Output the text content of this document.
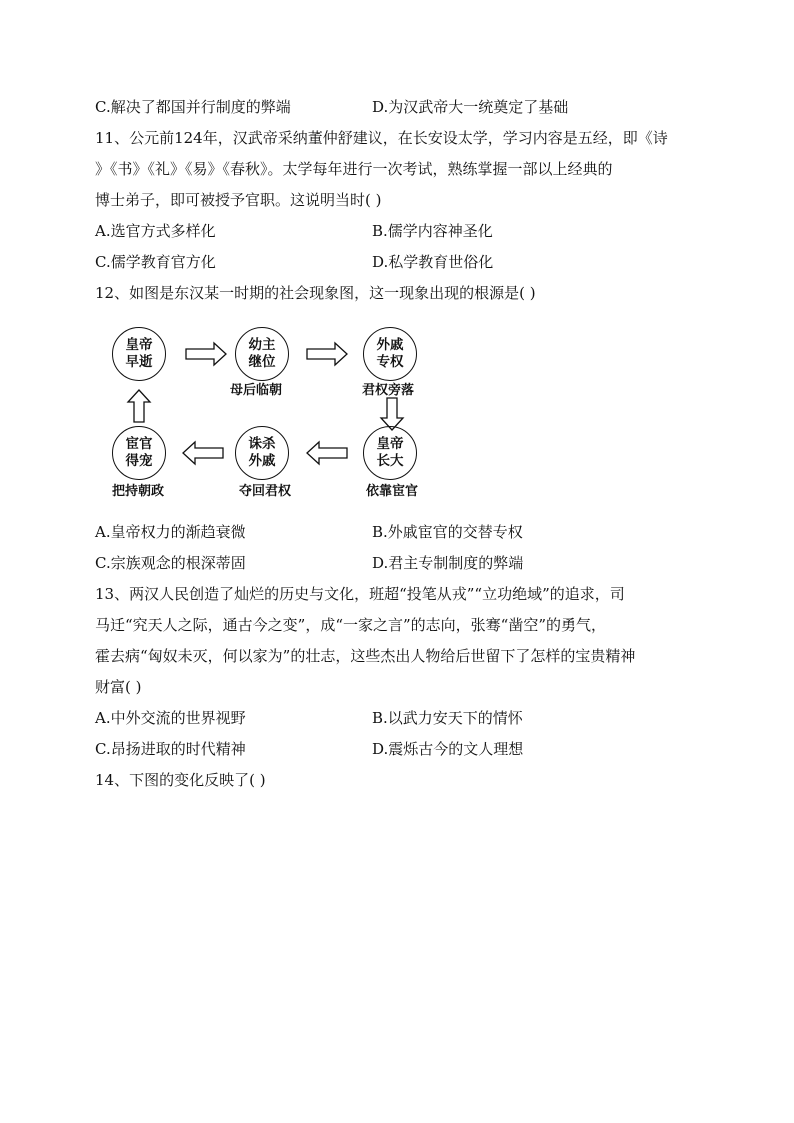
C.解决了都国并行制度的弊端	D.为汉武帝大一统奠定了基础
11、公元前124年，汉武帝采纳董仲舒建议，在长安设太学，学习内容是五经，即《诗
》《书》《礼》《易》《春秋》。太学每年进行一次考试，熟练掌握一部以上经典的
博士弟子，即可被授予官职。这说明当时( )
A.选官方式多样化	B.儒学内容神圣化
C.儒学教育官方化	D.私学教育世俗化
12、如图是东汉某一时期的社会现象图，这一现象出现的根源是( )
皇帝早逝
幼主继位
外戚专权
皇帝长大
诛杀外戚
宦官得宠
母后临朝	君权旁落
依靠宦官
夺回君权
把持朝政
A.皇帝权力的渐趋衰微	B.外戚宦官的交替专权
C.宗族观念的根深蒂固	D.君主专制制度的弊端
13、两汉人民创造了灿烂的历史与文化，班超“投笔从戎”“立功绝域”的追求，司
马迁“究天人之际，通古今之变”，成“一家之言”的志向，张骞“凿空”的勇气，
霍去病“匈奴未灭，何以家为”的壮志，这些杰出人物给后世留下了怎样的宝贵精神
财富( )
A.中外交流的世界视野	B.以武力安天下的情怀
C.昂扬进取的时代精神	D.震烁古今的文人理想
14、下图的变化反映了( )
